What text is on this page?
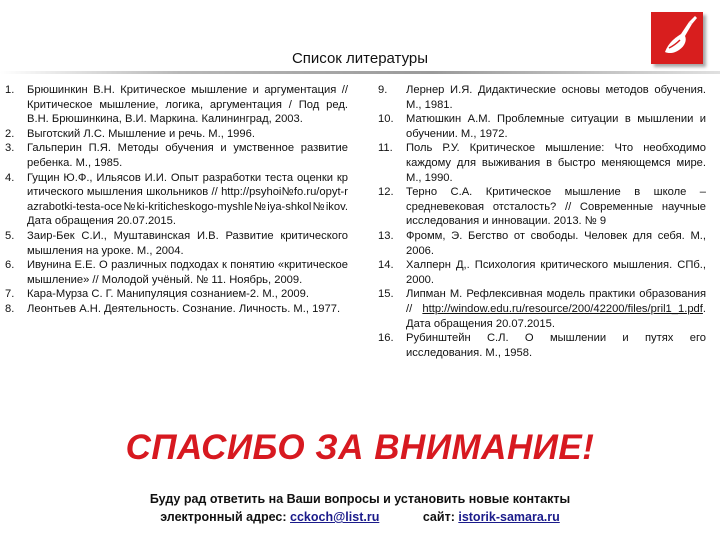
Список литературы
1.	Брюшинкин В.Н. Критическое мышление и аргументация // Критическое мышление, логика, аргументация / Под ред. В.Н. Брюшинкина, В.И. Маркина. Калининград, 2003.
2.	Выготский Л.С. Мышление и речь. М., 1996.
3.	Гальперин П.Я. Методы обучения и умственное развитие ребенка. М., 1985.
4.	Гущин Ю.Ф., Ильясов И.И. Опыт разработки теста оценки критического мышления школьников // http://psyhoi№fo.ru/opyt-razrabotki-testa-oce№ki-kriticheskogo-myshle№iya-shkol№ikov. Дата обращения 20.07.2015.
5.	Заир-Бек С.И., Муштавинская И.В. Развитие критического мышления на уроке. М., 2004.
6.	Ивунина Е.Е. О различных подходах к понятию «критическое мышление» // Молодой учёный. № 11. Ноябрь, 2009.
7.	Кара-Мурза С. Г. Манипуляция сознанием-2. М., 2009.
8.	Леонтьев А.Н. Деятельность. Сознание. Личность. М., 1977.
9.	Лернер И.Я. Дидактические основы методов обучения. М., 1981.
10.	Матюшкин А.М. Проблемные ситуации в мышлении и обучении. М., 1972.
11.	Поль Р.У. Критическое мышление: Что необходимо каждому для выживания в быстро меняющемся мире. М., 1990.
12.	Терно С.А. Критическое мышление в школе – средневековая отсталость? // Современные научные исследования и инновации. 2013. № 9
13.	Фромм, Э. Бегство от свободы. Человек для себя. М., 2006.
14.	Халперн Д,. Психология критического мышления. СПб., 2000.
15.	Липман М. Рефлексивная модель практики образования // http://window.edu.ru/resource/200/42200/files/pril1_1.pdf. Дата обращения 20.07.2015.
16.	Рубинштейн С.Л. О мышлении и путях его исследования. М., 1958.
СПАСИБО ЗА ВНИМАНИЕ!
Буду рад ответить на Ваши вопросы и установить новые контакты
электронный адрес: cckoch@list.ru	сайт: istorik-samara.ru
